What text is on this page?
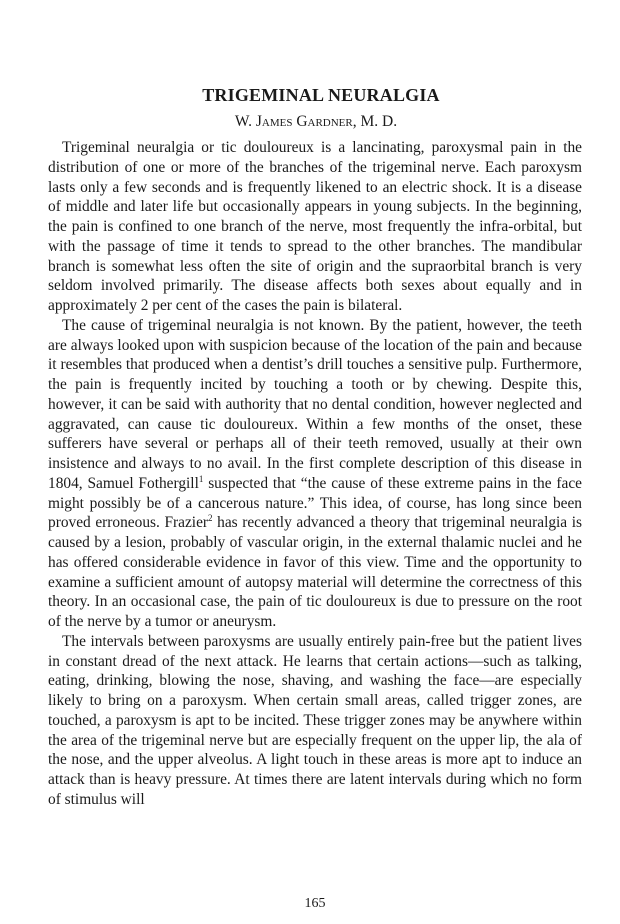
TRIGEMINAL NEURALGIA
W. James Gardner, M. D.

Trigeminal neuralgia or tic douloureux is a lancinating, paroxysmal pain in the distribution of one or more of the branches of the trigeminal nerve. Each paroxysm lasts only a few seconds and is frequently likened to an electric shock. It is a disease of middle and later life but occasionally appears in young subjects. In the beginning, the pain is confined to one branch of the nerve, most frequently the infra-orbital, but with the passage of time it tends to spread to the other branches. The mandibular branch is somewhat less often the site of origin and the supraorbital branch is very seldom involved primarily. The disease affects both sexes about equally and in approximately 2 per cent of the cases the pain is bilateral.

The cause of trigeminal neuralgia is not known. By the patient, however, the teeth are always looked upon with suspicion because of the location of the pain and because it resembles that produced when a dentist’s drill touches a sensitive pulp. Furthermore, the pain is frequently incited by touching a tooth or by chewing. Despite this, however, it can be said with authority that no dental condition, however neglected and aggravated, can cause tic douloureux. Within a few months of the onset, these sufferers have several or perhaps all of their teeth removed, usually at their own insistence and always to no avail. In the first complete description of this disease in 1804, Samuel Fothergill$^1$ suspected that “the cause of these extreme pains in the face might possibly be of a cancerous nature.” This idea, of course, has long since been proved erroneous. Frazier$^2$ has recently advanced a theory that trigeminal neuralgia is caused by a lesion, probably of vascular origin, in the external thalamic nuclei and he has offered considerable evidence in favor of this view. Time and the opportunity to examine a sufficient amount of autopsy material will determine the correctness of this theory. In an occasional case, the pain of tic douloureux is due to pressure on the root of the nerve by a tumor or aneurysm.

The intervals between paroxysms are usually entirely pain-free but the patient lives in constant dread of the next attack. He learns that certain actions—such as talking, eating, drinking, blowing the nose, shaving, and washing the face—are especially likely to bring on a paroxysm. When certain small areas, called trigger zones, are touched, a paroxysm is apt to be incited. These trigger zones may be anywhere within the area of the trigeminal nerve but are especially frequent on the upper lip, the ala of the nose, and the upper alveolus. A light touch in these areas is more apt to induce an attack than is heavy pressure. At times there are latent intervals during which no form of stimulus will

165
